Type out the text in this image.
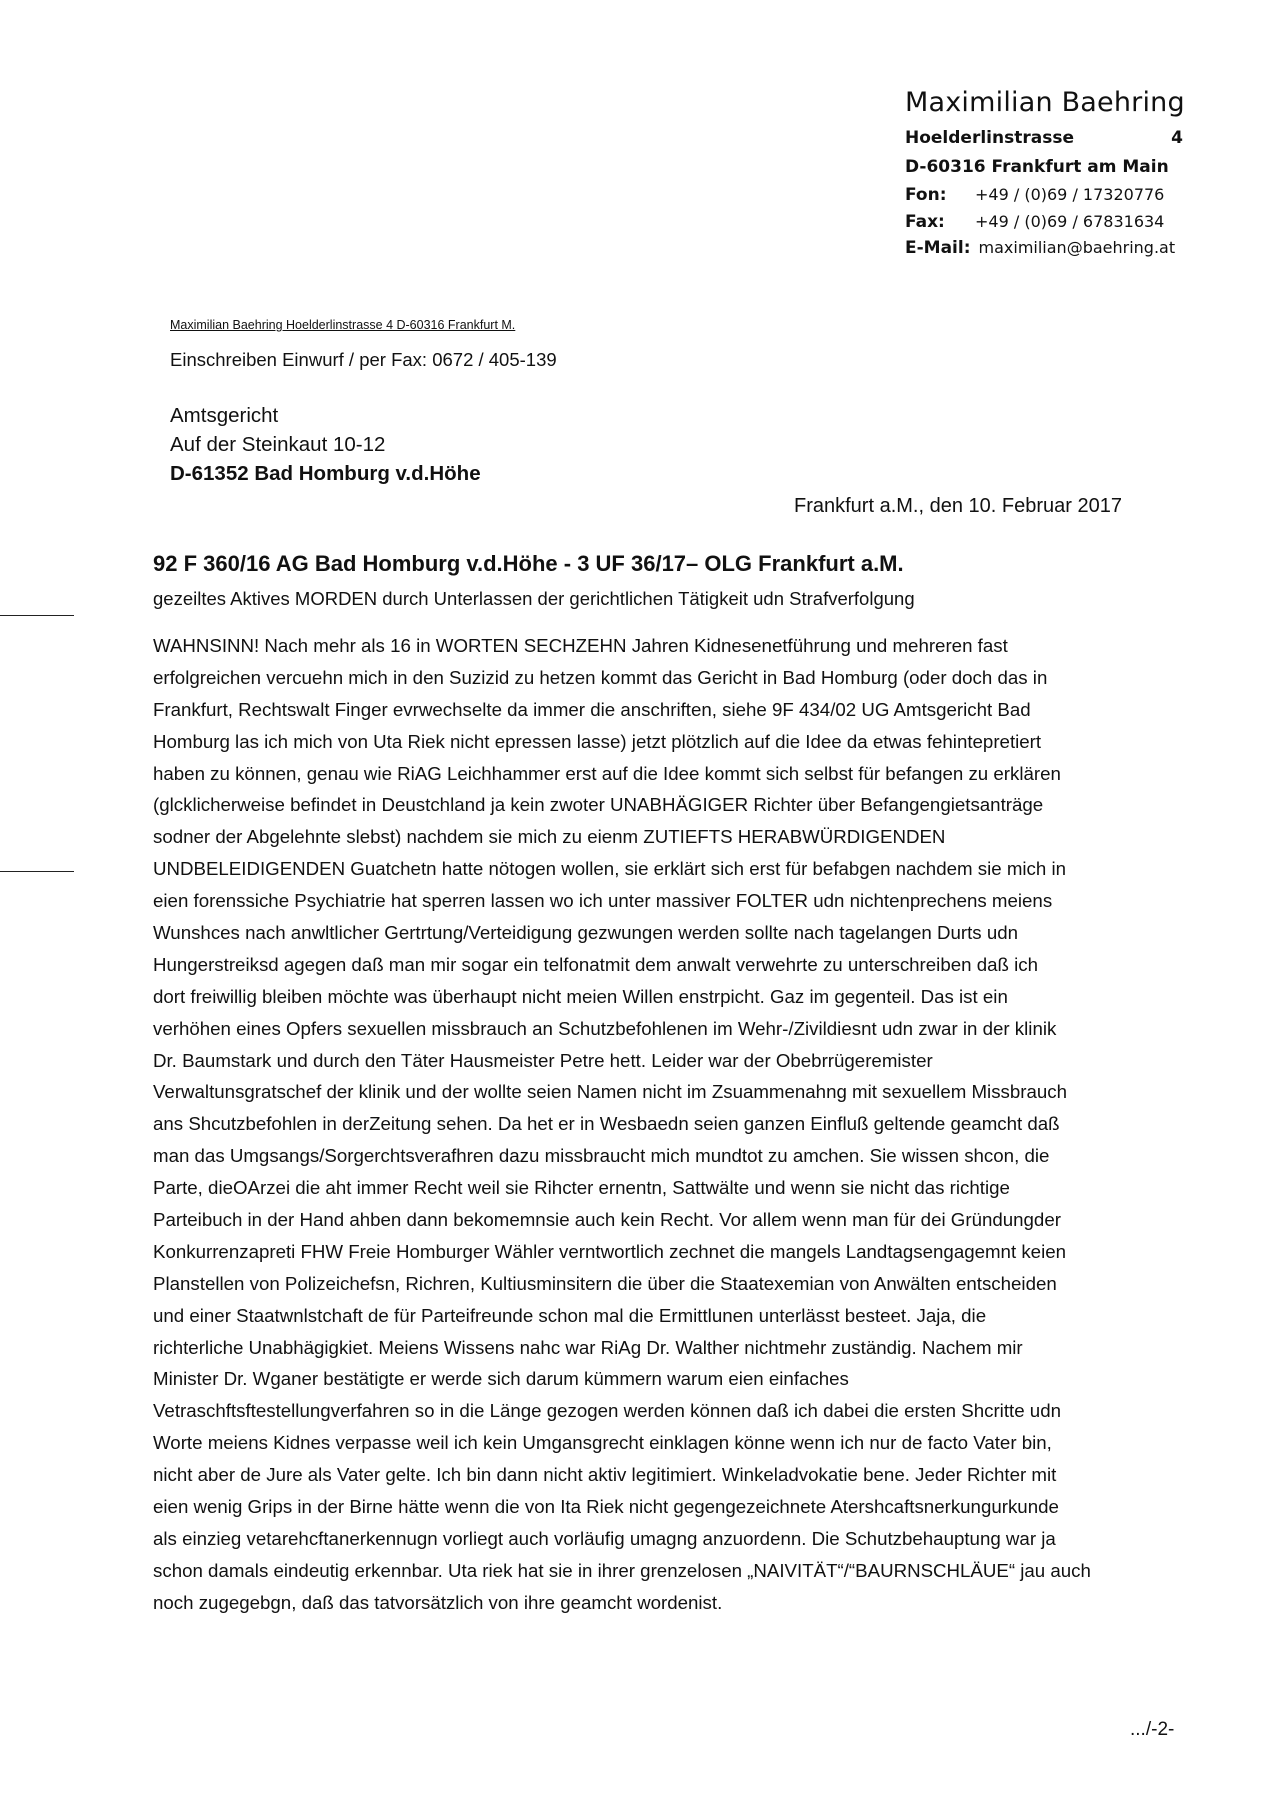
Maximilian Baehring
Hoelderlinstrasse	4
D-60316 Frankfurt am Main
Fon: +49 / (0)69 / 17320776
Fax: +49 / (0)69 / 67831634
E-Mail: maximilian@baehring.at
Maximilian Baehring Hoelderlinstrasse 4 D-60316 Frankfurt M.
Einschreiben Einwurf / per Fax: 0672 / 405-139
Amtsgericht
Auf der Steinkaut 10-12
D-61352 Bad Homburg v.d.Höhe
Frankfurt a.M., den 10. Februar 2017
92 F 360/16 AG Bad Homburg v.d.Höhe - 3 UF 36/17– OLG Frankfurt a.M.
gezeiltes Aktives MORDEN durch Unterlassen der gerichtlichen Tätigkeit udn Strafverfolgung
WAHNSINN! Nach mehr als 16 in WORTEN SECHZEHN Jahren Kidnesenetführung und mehreren fast
erfolgreichen vercuehn mich in den Suzizid zu hetzen kommt das Gericht in Bad Homburg (oder doch das in
Frankfurt, Rechtswalt Finger evrwechselte da immer die anschriften, siehe 9F 434/02 UG Amtsgericht Bad
Homburg las ich mich von Uta Riek nicht epressen lasse) jetzt plötzlich auf die Idee da etwas fehintepretiert
haben zu können, genau wie RiAG Leichhammer erst auf die Idee kommt sich selbst für befangen zu erklären
(glcklicherweise befindet in Deustchland ja kein zwoter UNABHÄGIGER Richter über Befangengietsanträge
sodner der Abgelehnte slebst) nachdem sie mich zu eienm ZUTIEFTS HERABWÜRDIGENDEN
UNDBELEIDIGENDEN Guatchetn hatte nötogen wollen, sie erklärt sich erst für befabgen nachdem sie mich in
eien forenssiche Psychiatrie hat sperren lassen wo ich unter massiver FOLTER udn nichtenprechens meiens
Wunshces nach anwltlicher Gertrtung/Verteidigung gezwungen werden sollte nach tagelangen Durts udn
Hungerstreiksd agegen daß man mir sogar ein telfonatmit dem anwalt verwehrte zu unterschreiben daß ich
dort freiwillig bleiben möchte was überhaupt nicht meien Willen enstrpicht. Gaz im gegenteil. Das ist ein
verhöhen eines Opfers sexuellen missbrauch an Schutzbefohlenen im Wehr-/Zivildiesnt udn zwar in der klinik
Dr. Baumstark und durch den Täter Hausmeister Petre hett. Leider war der Obebrrügeremister
Verwaltunsgratschef der klinik und der wollte seien Namen nicht im Zsuammenahng mit sexuellem Missbrauch
ans Shcutzbefohlen in derZeitung sehen. Da het er in Wesbaedn seien ganzen Einfluß geltende geamcht daß
man das Umgsangs/Sorgerchtsverafhren dazu missbraucht mich mundtot zu amchen. Sie wissen shcon, die
Parte, dieOArzei die aht immer Recht weil sie Rihcter ernentn, Sattwälte und wenn sie nicht das richtige
Parteibuch in der Hand ahben dann bekomemnsie auch kein Recht. Vor allem wenn man für dei Gründungder
Konkurrenzapreti FHW Freie Homburger Wähler verntwortlich zechnet die mangels Landtagsengagemnt keien
Planstellen von Polizeichefsn, Richren, Kultiusminsitern die über die Staatexemian von Anwälten entscheiden
und einer Staatwnlstchaft de für Parteifreunde schon mal die Ermittlunen unterlässt besteet. Jaja, die
richterliche Unabhägigkiet. Meiens Wissens nahc war RiAg Dr. Walther nichtmehr zuständig. Nachem mir
Minister Dr. Wganer bestätigte er werde sich darum kümmern warum eien einfaches
Vetraschftsftestellungverfahren so in die Länge gezogen werden können daß ich dabei die ersten Shcritte udn
Worte meiens Kidnes verpasse weil ich kein Umgansgrecht einklagen könne wenn ich nur de facto Vater bin,
nicht aber de Jure als Vater gelte. Ich bin dann nicht aktiv legitimiert. Winkeladvokatie bene. Jeder Richter mit
eien wenig Grips in der Birne hätte wenn die von Ita Riek nicht gegengezeichnete Atershcaftsnerkungurkunde
als einzieg vetarehcftanerkennugn vorliegt auch vorläufig umagng anzuordenn. Die Schutzbehauptung war ja
schon damals eindeutig erkennbar. Uta riek hat sie in ihrer grenzelosen „NAIVITÄT“/“BAURNSCHLÄUE“ jau auch
noch zugegebgn, daß das tatvorsätzlich von ihre geamcht wordenist.
.../-2-
